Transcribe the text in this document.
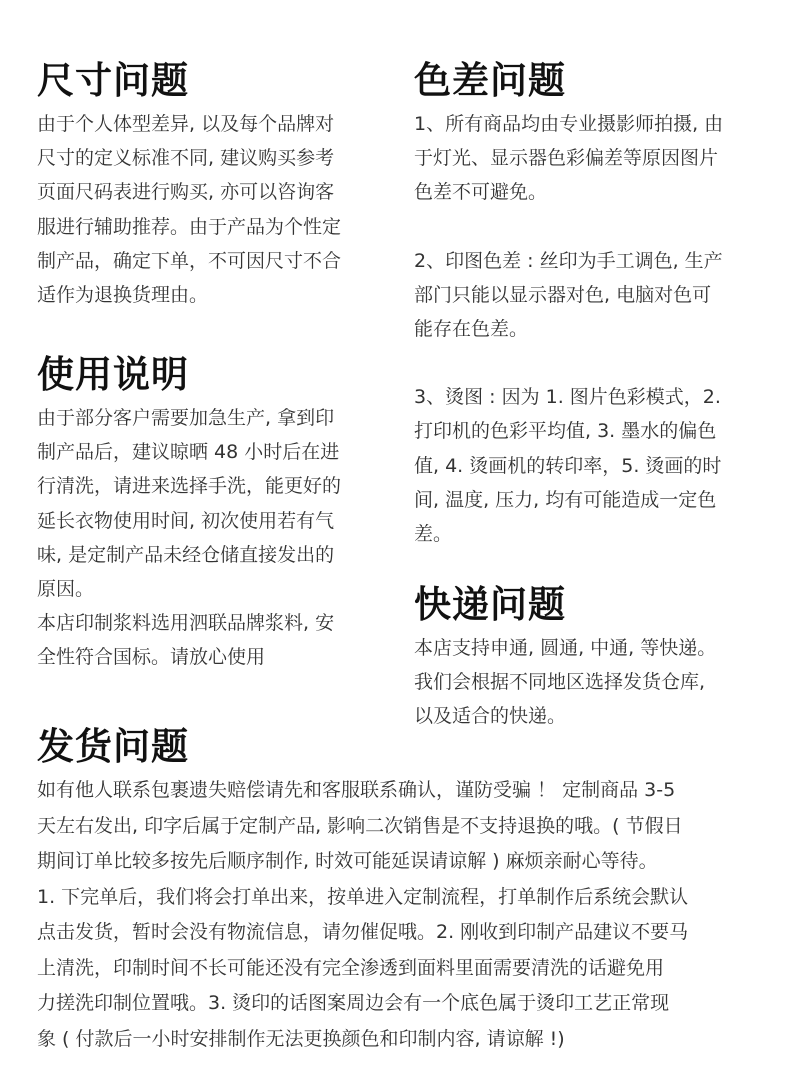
尺寸问题

由于个人体型差异, 以及每个品牌对
尺寸的定义标准不同, 建议购买参考
页面尺码表进行购买, 亦可以咨询客
服进行辅助推荐。由于产品为个性定
制产品，确定下单，不可因尺寸不合
适作为退换货理由。

色差问题

1、所有商品均由专业摄影师拍摄, 由
于灯光、显示器色彩偏差等原因图片
色差不可避免。

2、印图色差 : 丝印为手工调色, 生产
部门只能以显示器对色, 电脑对色可
能存在色差。

3、烫图 : 因为 1. 图片色彩模式，2.
打印机的色彩平均值, 3. 墨水的偏色
值, 4. 烫画机的转印率，5. 烫画的时
间, 温度, 压力, 均有可能造成一定色
差。

使用说明

由于部分客户需要加急生产, 拿到印
制产品后，建议晾晒 48 小时后在进
行清洗，请进来选择手洗，能更好的
延长衣物使用时间, 初次使用若有气
味, 是定制产品未经仓储直接发出的
原因。

本店印制浆料选用泗联品牌浆料, 安
全性符合国标。请放心使用

快递问题

本店支持申通, 圆通, 中通, 等快递。
我们会根据不同地区选择发货仓库,
以及适合的快递。

发货问题

如有他人联系包裹遗失赔偿请先和客服联系确认，谨防受骗 ！ 定制商品 3-5
天左右发出, 印字后属于定制产品, 影响二次销售是不支持退换的哦。( 节假日
期间订单比较多按先后顺序制作, 时效可能延误请谅解 ) 麻烦亲耐心等待。

1. 下完单后，我们将会打单出来，按单进入定制流程，打单制作后系统会默认
点击发货，暂时会没有物流信息，请勿催促哦。2. 刚收到印制产品建议不要马
上清洗，印制时间不长可能还没有完全渗透到面料里面需要清洗的话避免用
力搓洗印制位置哦。3. 烫印的话图案周边会有一个底色属于烫印工艺正常现
象 ( 付款后一小时安排制作无法更换颜色和印制内容, 请谅解 !)
